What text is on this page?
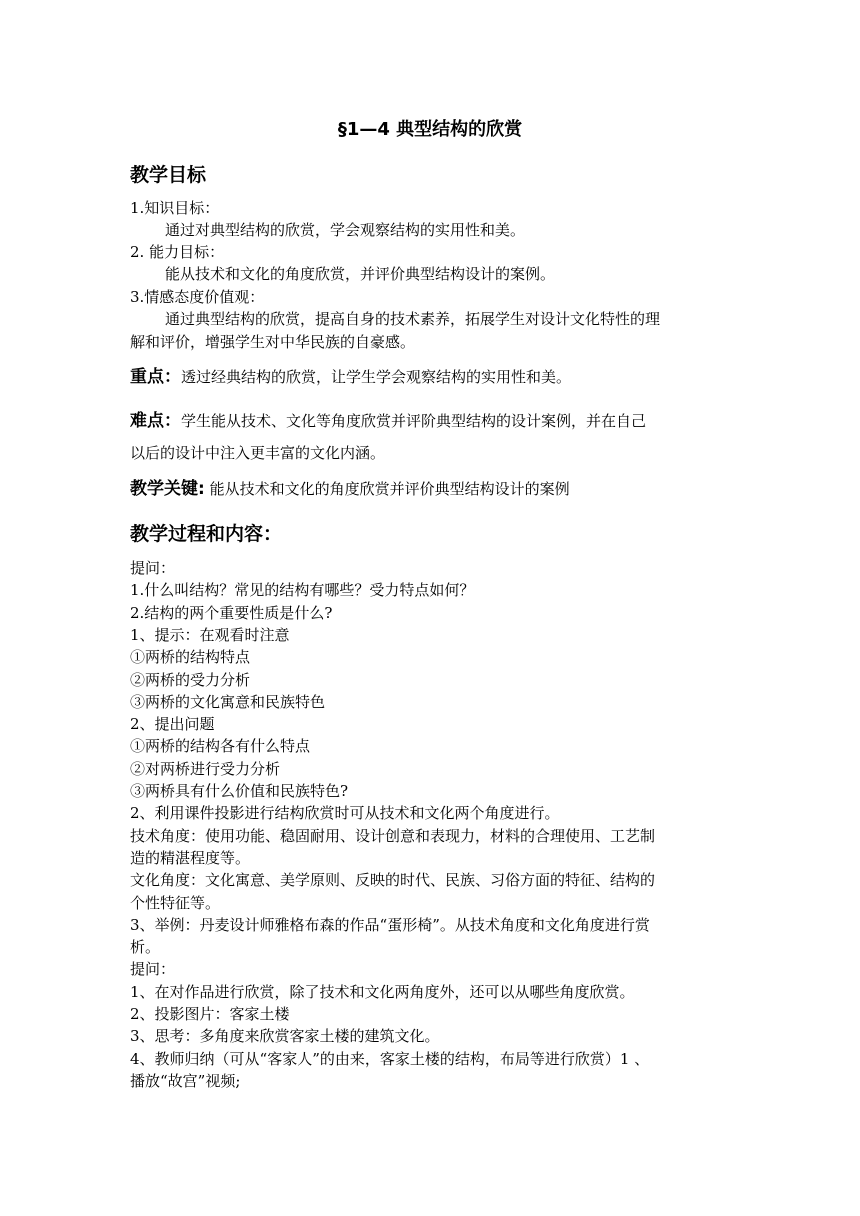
§1—4 典型结构的欣赏
教学目标
1.知识目标：
通过对典型结构的欣赏，学会观察结构的实用性和美。
2. 能力目标：
能从技术和文化的角度欣赏，并评价典型结构设计的案例。
3.情感态度价值观：
通过典型结构的欣赏，提高自身的技术素养，拓展学生对设计文化特性的理
解和评价，增强学生对中华民族的自豪感。
重点：透过经典结构的欣赏，让学生学会观察结构的实用性和美。
难点：学生能从技术、文化等角度欣赏并评阶典型结构的设计案例，并在自己
以后的设计中注入更丰富的文化内涵。
教学关键: 能从技术和文化的角度欣赏并评价典型结构设计的案例
教学过程和内容：
提问：
1.什么叫结构？常见的结构有哪些？受力特点如何？
2.结构的两个重要性质是什么?
1、提示：在观看时注意
①两桥的结构特点
②两桥的受力分析
③两桥的文化寓意和民族特色
2、提出问题
①两桥的结构各有什么特点
②对两桥进行受力分析
③两桥具有什么价值和民族特色?
2、利用课件投影进行结构欣赏时可从技术和文化两个角度进行。
技术角度：使用功能、稳固耐用、设计创意和表现力，材料的合理使用、工艺制
造的精湛程度等。
文化角度：文化寓意、美学原则、反映的时代、民族、习俗方面的特征、结构的
个性特征等。
3、举例：丹麦设计师雅格布森的作品“蛋形椅”。从技术角度和文化角度进行赏
析。
提问：
1、在对作品进行欣赏，除了技术和文化两角度外，还可以从哪些角度欣赏。
2、投影图片：客家土楼
3、思考：多角度来欣赏客家土楼的建筑文化。
4、教师归纳（可从“客家人”的由来，客家土楼的结构，布局等进行欣赏）1 、
播放“故宫”视频;
